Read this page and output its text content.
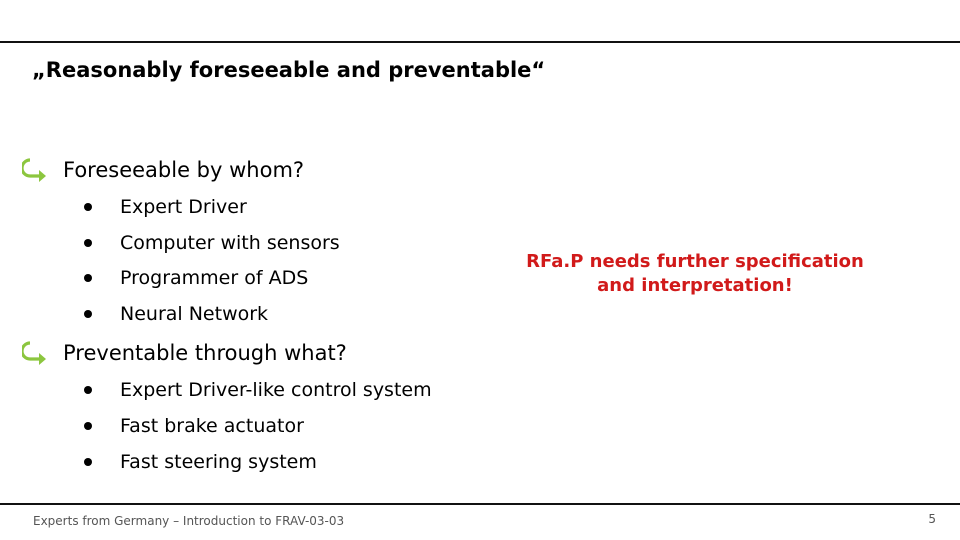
„Reasonably foreseeable and preventable“
Foreseeable by whom?
Expert Driver
Computer with sensors
Programmer of ADS
Neural Network
Preventable through what?
Expert Driver-like control system
Fast brake actuator
Fast steering system
RFa.P needs further specification
and interpretation!
Experts from Germany – Introduction to FRAV-03-03	5
